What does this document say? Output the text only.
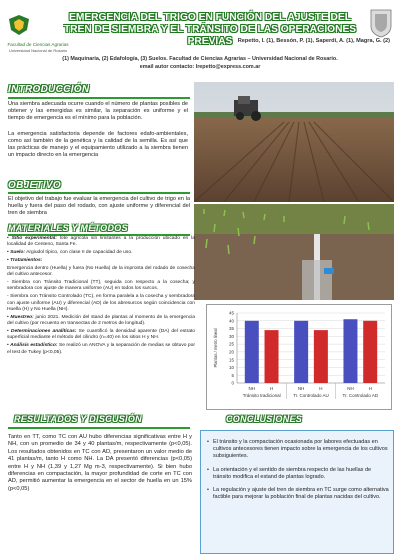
Facultad de Ciencias Agrarias
Universidad Nacional de Rosario
EMERGENCIA DEL TRIGO EN FUNCIÓN DEL AJUSTE DEL TREN DE SIEMBRA Y EL TRÁNSITO DE LAS OPERACIONES PREVIAS Repetto, I. (1), Bessón, P. (1), Saperdi, A. (1), Magra, G. (2)
(1) Maquinaria, (2) Edafología, (3) Suelos. Facultad de Ciencias Agrarias – Universidad Nacional de Rosario.
email autor contacto: lrepetto@express.com.ar
INTRODUCCIÓN
Una siembra adecuada ocurre cuando el número de plantas posibles de obtener y las emergidas es similar, la separación es uniforme y el tiempo de emergencia es el mínimo para la población.
La emergencia satisfactoria depende de factores edafo-ambientales, como así también de la genética y la calidad de la semilla. Es así que las prácticas de manejo y el equipamiento utilizado a la siembra tienen un impacto directo en la emergencia
OBJETIVO
El objetivo del trabajo fue evaluar la emergencia del cultivo de trigo en la huella y fuera del paso del rodado, con ajuste uniforme y diferencial del tren de siembra
MATERIALES Y MÉTODOS

• Sitio experimental: lote agrícola sin limitantes a la producción ubicado en la localidad de Centeno, Santa Fe.

• Suelo: Argiudol típico, con clase II de capacidad de uso.

• Tratamientos:

Emergencia dentro (Huella) y fuera (No Huella) de la impronta del rodado de cosecha del cultivo antecesor.

- Siembra con Tránsito Tradicional (TT), seguida con respecto a la cosecha; y sembradora con ajuste de manera uniforme (AU) en todos los surcos.

- Siembra con Tránsito Controlado (TC), en forma paralela a la cosecha y sembradora con ajuste uniforme (AU) y diferencial (AD) de los abresurcos según coincidencia con Huella (H) y No Huella (NH).

• Muestreo: junio 2021. Medición del stand de plantas al momento de la emergencia del cultivo (por recuento en transectas de 2 metros de longitud).

• Determinaciones analíticas: Se cuantificó la densidad aparente (DA) del estrato superficial mediante el método del cilindro (n=40) en los sitios H y NH.

• Análisis estadístico: Se realizó un ANOVA y la separación de medias se obtuvo por el test de Tukey (p<0,05).

0
5
10
15
20
25
30
35
40
45
Plantas / metro lineal
NH	H
Tránsito tradicional
NH	H
Tr. Controlado AU
NH	H
Tr. Controlado AD
RESULTADOS Y DISCUSIÓN
Tanto en TT, como TC con AU hubo diferencias significativas entre H y NH, con un promedio de 34 y 40 plantas/m, respectivamente (p<0,05). Los resultados obtenidos en TC con AD, presentaron un valor medio de 41 plantas/m, tanto H como NH. La DA presentó diferencias (p<0,05) entre H y NH (1,39 y 1,27 Mg m-3, respectivamente). Si bien hubo diferencias en compactación, la mayor profundidad de corte en TC con AD, permitió aumentar la emergencia en el sector de huella en un 15% (p<0,05)
CONCLUSIONES
• El tránsito y la compactación ocasionada por labores efectuadas en cultivos antecesores tienen impacto sobre la emergencia de los cultivos subsiguientes.
• La orientación y el sentido de siembra respecto de las huellas de tránsito modifica el estand de plantas logrado.
• La regulación y ajuste del tren de siembra en TC surge como alternativa factible para mejorar la población final de plantas nacidas del cultivo.
